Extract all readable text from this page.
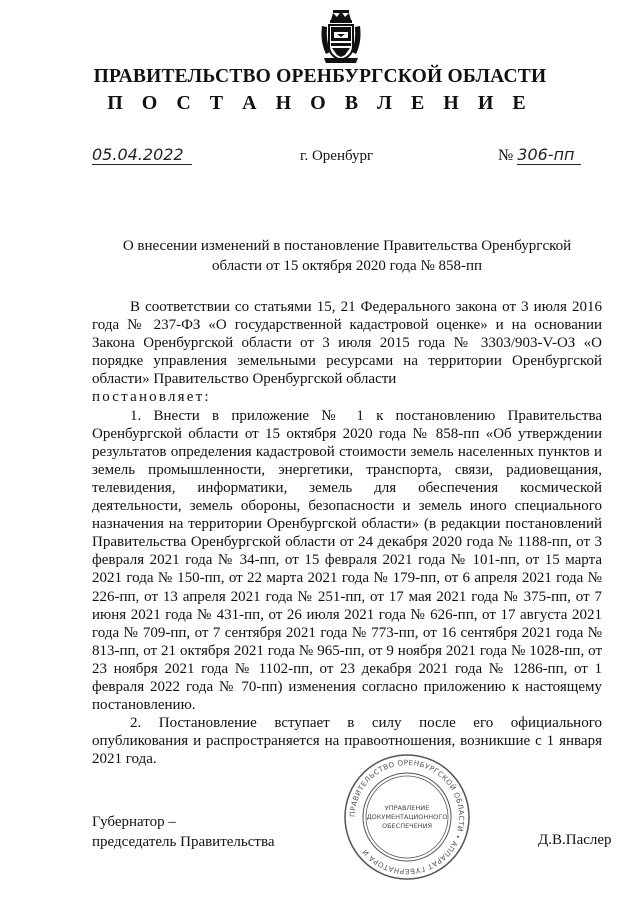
ПРАВИТЕЛЬСТВО ОРЕНБУРГСКОЙ ОБЛАСТИ
П О С Т А Н О В Л Е Н И Е
05.04.2022	г. Оренбург	№ 306-пп
О внесении изменений в постановление Правительства Оренбургской
области от 15 октября 2020 года № 858-пп

В соответствии со статьями 15, 21 Федерального закона от 3 июля 2016 года № 237-ФЗ «О государственной кадастровой оценке» и на основании Закона Оренбургской области от 3 июля 2015 года № 3303/903-V-ОЗ «О порядке управления земельными ресурсами на территории Оренбургской области» Правительство Оренбургской области

постановляет:

1. Внести в приложение № 1 к постановлению Правительства Оренбургской области от 15 октября 2020 года № 858-пп «Об утверждении результатов определения кадастровой стоимости земель населенных пунктов и земель промышленности, энергетики, транспорта, связи, радиовещания, телевидения, информатики, земель для обеспечения космической деятельности, земель обороны, безопасности и земель иного специального назначения на территории Оренбургской области» (в редакции постановлений Правительства Оренбургской области от 24 декабря 2020 года № 1188-пп, от 3 февраля 2021 года № 34-пп, от 15 февраля 2021 года № 101-пп, от 15 марта 2021 года № 150-пп, от 22 марта 2021 года № 179-пп, от 6 апреля 2021 года № 226-пп, от 13 апреля 2021 года № 251-пп, от 17 мая 2021 года № 375-пп, от 7 июня 2021 года № 431-пп, от 26 июля 2021 года № 626-пп, от 17 августа 2021 года № 709-пп, от 7 сентября 2021 года № 773-пп, от 16 сентября 2021 года № 813-пп, от 21 октября 2021 года № 965-пп, от 9 ноября 2021 года № 1028-пп, от 23 ноября 2021 года № 1102-пп, от 23 декабря 2021 года № 1286-пп, от 1 февраля 2022 года № 70-пп) изменения согласно приложению к настоящему постановлению.

2. Постановление вступает в силу после его официального опубликования и распространяется на правоотношения, возникшие с 1 января 2021 года.

Губернатор –
председатель Правительства	Д.В.Паслер
ПРАВИТЕЛЬСТВО ОРЕНБУРГСКОЙ ОБЛАСТИ • АППАРАТ ГУБЕРНАТОРА И
УПРАВЛЕНИЕ
ДОКУМЕНТАЦИОННОГО
ОБЕСПЕЧЕНИЯ
